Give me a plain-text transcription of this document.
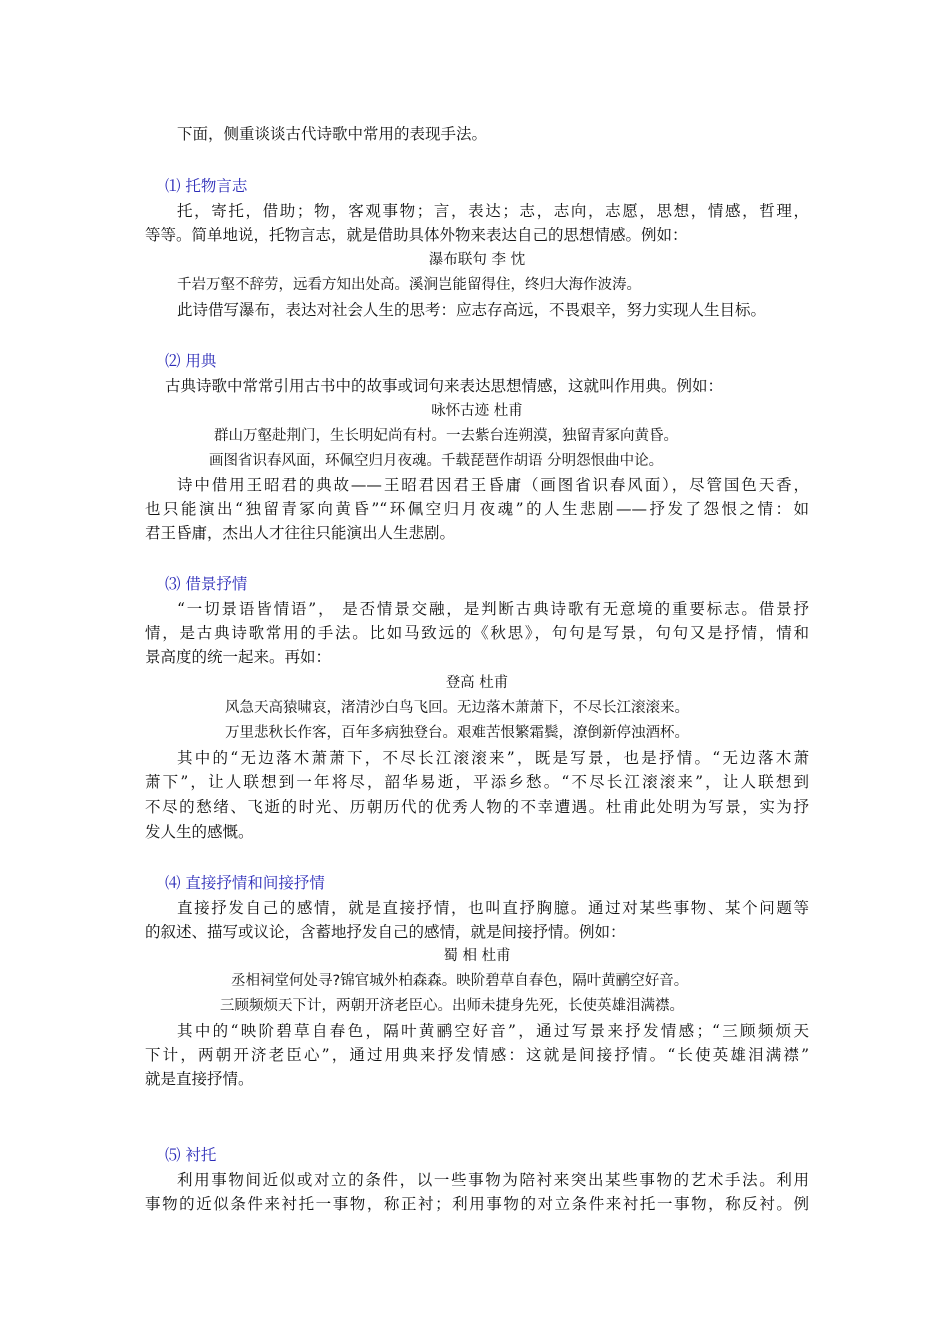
下面，侧重谈谈古代诗歌中常用的表现手法。
⑴ 托物言志
托，寄托，借助；物，客观事物；言，表达；志，志向，志愿，思想，情感，哲理，
等等。简单地说，托物言志，就是借助具体外物来表达自己的思想情感。例如：
瀑布联句 李 忱
千岩万壑不辞劳，远看方知出处高。溪涧岂能留得住，终归大海作波涛。
此诗借写瀑布，表达对社会人生的思考：应志存高远，不畏艰辛，努力实现人生目标。
⑵ 用典
古典诗歌中常常引用古书中的故事或词句来表达思想情感，这就叫作用典。例如：
咏怀古迹 杜甫
群山万壑赴荆门，生长明妃尚有村。一去紫台连朔漠，独留青冢向黄昏。
画图省识春风面，环佩空归月夜魂。千载琵琶作胡语 分明怨恨曲中论。
诗中借用王昭君的典故——王昭君因君王昏庸（画图省识春风面），尽管国色天香，
也只能演出“独留青冢向黄昏”“环佩空归月夜魂”的人生悲剧——抒发了怨恨之情：如
君王昏庸，杰出人才往往只能演出人生悲剧。
⑶ 借景抒情
“一切景语皆情语”， 是否情景交融，是判断古典诗歌有无意境的重要标志。借景抒
情，是古典诗歌常用的手法。比如马致远的《秋思》，句句是写景，句句又是抒情，情和
景高度的统一起来。再如：
登高 杜甫
风急天高猿啸哀，渚清沙白鸟飞回。无边落木萧萧下，不尽长江滚滚来。
万里悲秋长作客，百年多病独登台。艰难苦恨繁霜鬓，潦倒新停浊酒杯。
其中的“无边落木萧萧下，不尽长江滚滚来”，既是写景，也是抒情。“无边落木萧
萧下”，让人联想到一年将尽，韶华易逝，平添乡愁。“不尽长江滚滚来”，让人联想到
不尽的愁绪、飞逝的时光、历朝历代的优秀人物的不幸遭遇。杜甫此处明为写景，实为抒
发人生的感慨。
⑷ 直接抒情和间接抒情
直接抒发自己的感情，就是直接抒情，也叫直抒胸臆。通过对某些事物、某个问题等
的叙述、描写或议论，含蓄地抒发自己的感情，就是间接抒情。例如：
蜀 相 杜甫
丞相祠堂何处寻?锦官城外柏森森。映阶碧草自春色，隔叶黄鹂空好音。
三顾频烦天下计，两朝开济老臣心。出师未捷身先死，长使英雄泪满襟。
其中的“映阶碧草自春色，隔叶黄鹂空好音”，通过写景来抒发情感；“三顾频烦天
下计，两朝开济老臣心”，通过用典来抒发情感：这就是间接抒情。“长使英雄泪满襟”
就是直接抒情。
⑸ 衬托
利用事物间近似或对立的条件，以一些事物为陪衬来突出某些事物的艺术手法。利用
事物的近似条件来衬托一事物，称正衬；利用事物的对立条件来衬托一事物，称反衬。例
